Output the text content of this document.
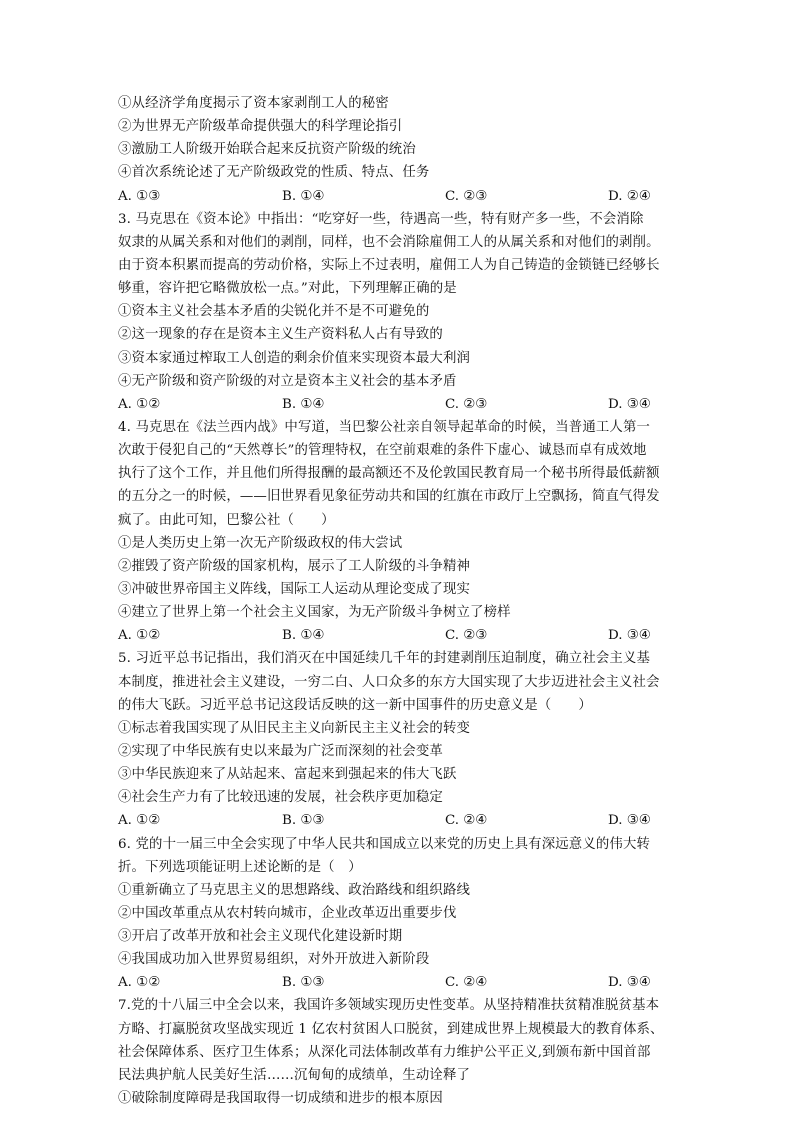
①从经济学角度揭示了资本家剥削工人的秘密
②为世界无产阶级革命提供强大的科学理论指引
③激励工人阶级开始联合起来反抗资产阶级的统治
④首次系统论述了无产阶级政党的性质、特点、任务
A. ①③	B. ①④	C. ②③	D. ②④
3. 马克思在《资本论》中指出：“吃穿好一些，待遇高一些，特有财产多一些，不会消除
奴隶的从属关系和对他们的剥削，同样，也不会消除雇佣工人的从属关系和对他们的剥削。
由于资本积累而提高的劳动价格，实际上不过表明，雇佣工人为自己铸造的金锁链已经够长
够重，容许把它略微放松一点。”对此，下列理解正确的是
①资本主义社会基本矛盾的尖锐化并不是不可避免的
②这一现象的存在是资本主义生产资料私人占有导致的
③资本家通过榨取工人创造的剩余价值来实现资本最大利润
④无产阶级和资产阶级的对立是资本主义社会的基本矛盾
A. ①②	B. ①④	C. ②③	D. ③④
4. 马克思在《法兰西内战》中写道，当巴黎公社亲自领导起革命的时候，当普通工人第一
次敢于侵犯自己的“天然尊长”的管理特权，在空前艰难的条件下虚心、诚恳而卓有成效地
执行了这个工作，并且他们所得报酬的最高额还不及伦敦国民教育局一个秘书所得最低薪额
的五分之一的时候，——旧世界看见象征劳动共和国的红旗在市政厅上空飘扬，简直气得发
疯了。由此可知，巴黎公社（　　）
①是人类历史上第一次无产阶级政权的伟大尝试
②摧毁了资产阶级的国家机构，展示了工人阶级的斗争精神
③冲破世界帝国主义阵线，国际工人运动从理论变成了现实
④建立了世界上第一个社会主义国家，为无产阶级斗争树立了榜样
A. ①②	B. ①④	C. ②③	D. ③④
5. 习近平总书记指出，我们消灭在中国延续几千年的封建剥削压迫制度，确立社会主义基
本制度，推进社会主义建设，一穷二白、人口众多的东方大国实现了大步迈进社会主义社会
的伟大飞跃。习近平总书记这段话反映的这一新中国事件的历史意义是（　　）
①标志着我国实现了从旧民主主义向新民主主义社会的转变
②实现了中华民族有史以来最为广泛而深刻的社会变革
③中华民族迎来了从站起来、富起来到强起来的伟大飞跃
④社会生产力有了比较迅速的发展，社会秩序更加稳定
A. ①②	B. ①③	C. ②④	D. ③④
6. 党的十一届三中全会实现了中华人民共和国成立以来党的历史上具有深远意义的伟大转
折。下列选项能证明上述论断的是（　）
①重新确立了马克思主义的思想路线、政治路线和组织路线
②中国改革重点从农村转向城市，企业改革迈出重要步伐
③开启了改革开放和社会主义现代化建设新时期
④我国成功加入世界贸易组织，对外开放进入新阶段
A. ①②	B. ①③	C. ②④	D. ③④
7.党的十八届三中全会以来，我国许多领域实现历史性变革。从坚持精准扶贫精准脱贫基本
方略、打赢脱贫攻坚战实现近 1 亿农村贫困人口脱贫，到建成世界上规模最大的教育体系、
社会保障体系、医疗卫生体系；从深化司法体制改革有力维护公平正义,到颁布新中国首部
民法典护航人民美好生活……沉甸甸的成绩单，生动诠释了
①破除制度障碍是我国取得一切成绩和进步的根本原因
